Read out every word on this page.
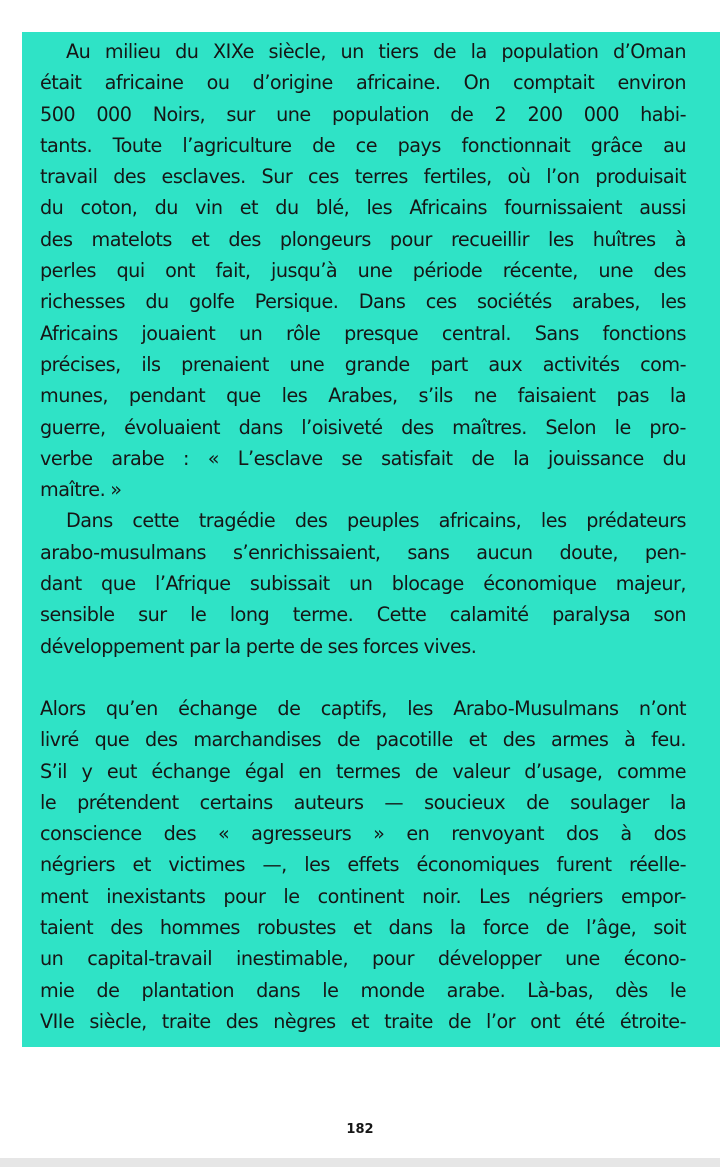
Au milieu du XIXe siècle, un tiers de la population d’Oman
était africaine ou d’origine africaine. On comptait environ
500 000 Noirs, sur une population de 2 200 000 habi-
tants. Toute l’agriculture de ce pays fonctionnait grâce au
travail des esclaves. Sur ces terres fertiles, où l’on produisait
du coton, du vin et du blé, les Africains fournissaient aussi
des matelots et des plongeurs pour recueillir les huîtres à
perles qui ont fait, jusqu’à une période récente, une des
richesses du golfe Persique. Dans ces sociétés arabes, les
Africains jouaient un rôle presque central. Sans fonctions
précises, ils prenaient une grande part aux activités com-
munes, pendant que les Arabes, s’ils ne faisaient pas la
guerre, évoluaient dans l’oisiveté des maîtres. Selon le pro-
verbe arabe : « L’esclave se satisfait de la jouissance du
maître. »

Dans cette tragédie des peuples africains, les prédateurs
arabo-musulmans s’enrichissaient, sans aucun doute, pen-
dant que l’Afrique subissait un blocage économique majeur,
sensible sur le long terme. Cette calamité paralysa son
développement par la perte de ses forces vives.

Alors qu’en échange de captifs, les Arabo-Musulmans n’ont
livré que des marchandises de pacotille et des armes à feu.
S’il y eut échange égal en termes de valeur d’usage, comme
le prétendent certains auteurs — soucieux de soulager la
conscience des « agresseurs » en renvoyant dos à dos
négriers et victimes —, les effets économiques furent réelle-
ment inexistants pour le continent noir. Les négriers empor-
taient des hommes robustes et dans la force de l’âge, soit
un capital-travail inestimable, pour développer une écono-
mie de plantation dans le monde arabe. Là-bas, dès le
VIIe siècle, traite des nègres et traite de l’or ont été étroite-

182
